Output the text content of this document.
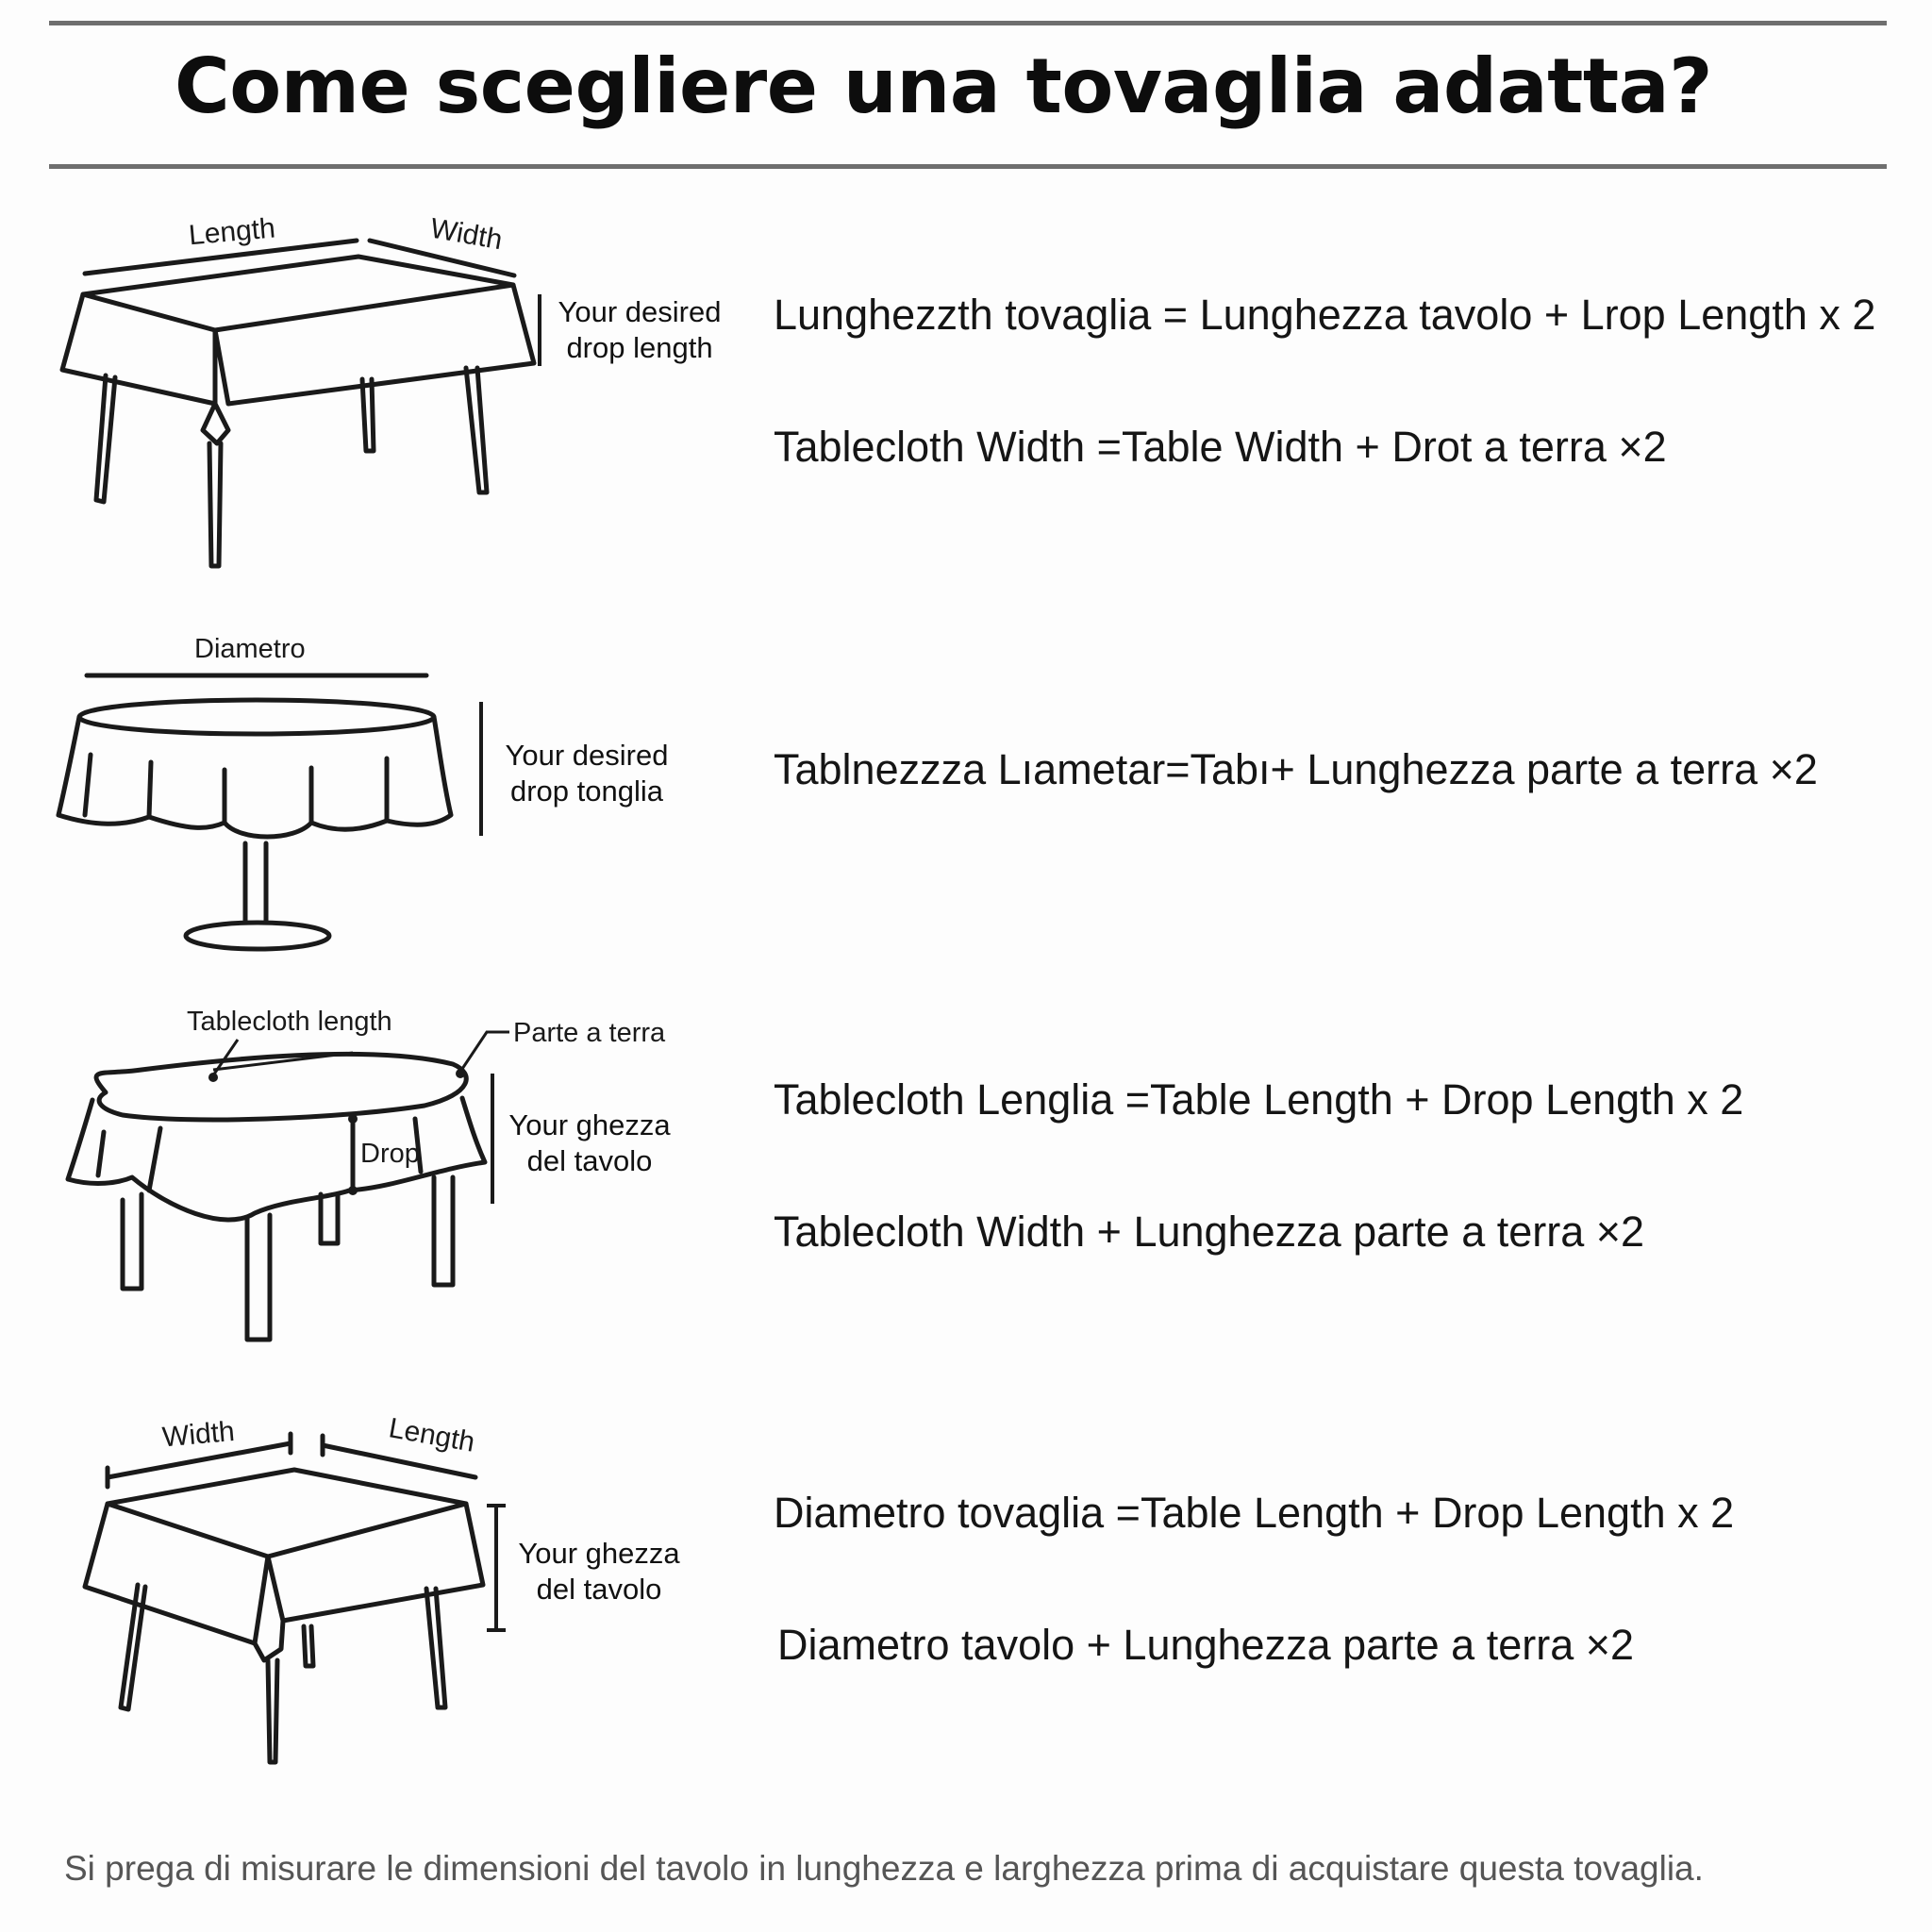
Come scegliere una tovaglia adatta?
Length	Width
Your desired drop length
Lunghezzth tovaglia = Lunghezza tavolo + Lrop Length x 2
Tablecloth Width =Table Width + Drot a terra ×2
Diametro
Your desired drop tonglia	Tablnezzza Lıametar=Tabı+ Lunghezza parte a terra ×2
Tablecloth length	Parte a terra
Drop
Your ghezza del tavolo
Tablecloth Lenglia =Table Length + Drop Length x 2
Tablecloth Width + Lunghezza parte a terra ×2
Width	Length
Your ghezza del tavolo
Diametro tovaglia =Table Length + Drop Length x 2
Diametro tavolo + Lunghezza parte a terra ×2
Si prega di misurare le dimensioni del tavolo in lunghezza e larghezza prima di acquistare questa tovaglia.
